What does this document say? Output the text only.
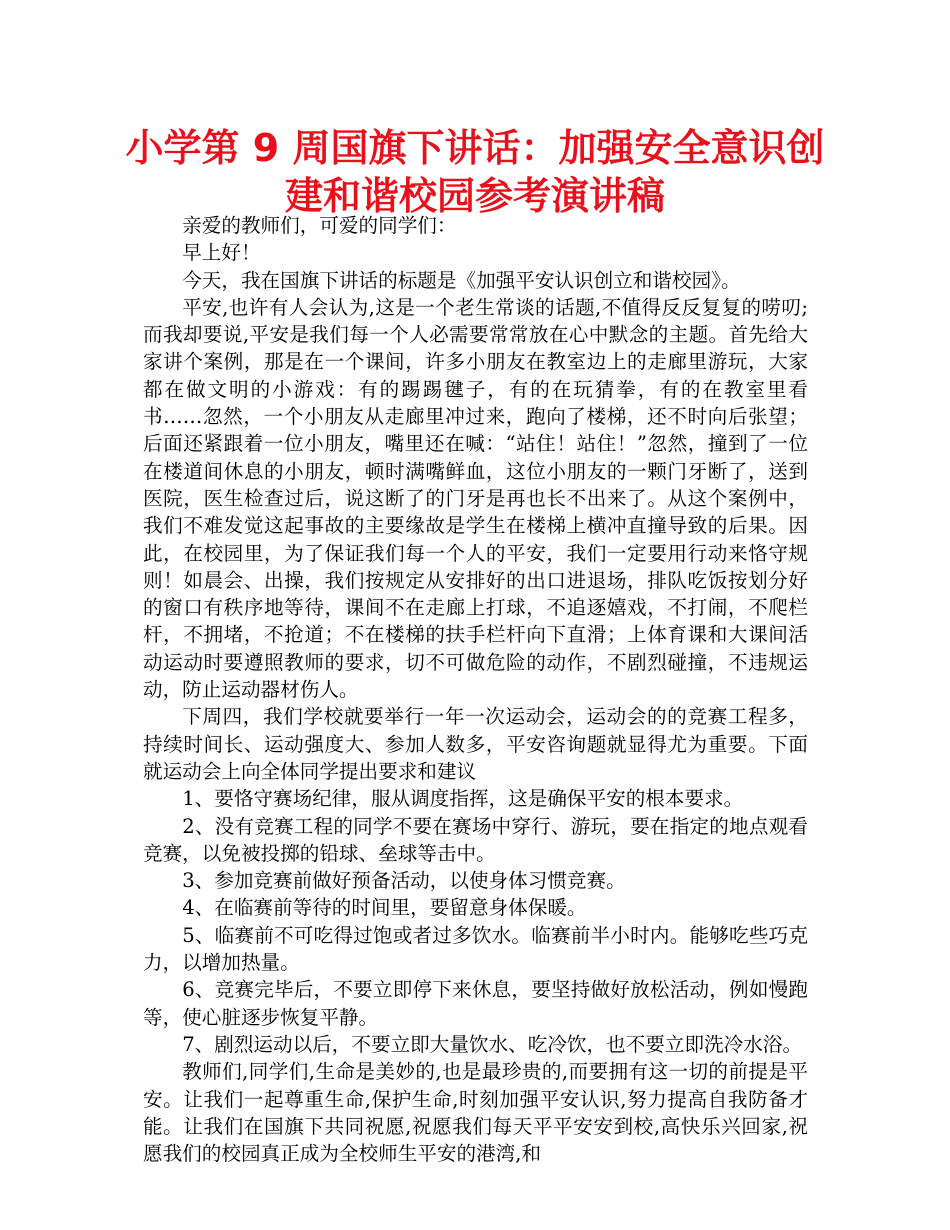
小学第 9 周国旗下讲话：加强安全意识创建和谐校园参考演讲稿

亲爱的教师们，可爱的同学们：

早上好！

今天，我在国旗下讲话的标题是《加强平安认识创立和谐校园》。

平安,也许有人会认为,这是一个老生常谈的话题,不值得反反复复的唠叨;而我却要说,平安是我们每一个人必需要常常放在心中默念的主题。首先给大家讲个案例，那是在一个课间，许多小朋友在教室边上的走廊里游玩，大家都在做文明的小游戏：有的踢踢毽子，有的在玩猜拳，有的在教室里看书……忽然，一个小朋友从走廊里冲过来，跑向了楼梯，还不时向后张望；后面还紧跟着一位小朋友，嘴里还在喊：“站住！站住！”忽然，撞到了一位在楼道间休息的小朋友，顿时满嘴鲜血，这位小朋友的一颗门牙断了，送到医院，医生检查过后，说这断了的门牙是再也长不出来了。从这个案例中，我们不难发觉这起事故的主要缘故是学生在楼梯上横冲直撞导致的后果。因此，在校园里，为了保证我们每一个人的平安，我们一定要用行动来恪守规则！如晨会、出操，我们按规定从安排好的出口进退场，排队吃饭按划分好的窗口有秩序地等待，课间不在走廊上打球，不追逐嬉戏，不打闹，不爬栏杆，不拥堵，不抢道；不在楼梯的扶手栏杆向下直滑；上体育课和大课间活动运动时要遵照教师的要求，切不可做危险的动作，不剧烈碰撞，不违规运动，防止运动器材伤人。

下周四，我们学校就要举行一年一次运动会，运动会的的竞赛工程多，持续时间长、运动强度大、参加人数多，平安咨询题就显得尤为重要。下面就运动会上向全体同学提出要求和建议

1、要恪守赛场纪律，服从调度指挥，这是确保平安的根本要求。

2、没有竞赛工程的同学不要在赛场中穿行、游玩，要在指定的地点观看竞赛，以免被投掷的铅球、垒球等击中。

3、参加竞赛前做好预备活动，以使身体习惯竞赛。

4、在临赛前等待的时间里，要留意身体保暖。

5、临赛前不可吃得过饱或者过多饮水。临赛前半小时内。能够吃些巧克力，以增加热量。

6、竞赛完毕后，不要立即停下来休息，要坚持做好放松活动，例如慢跑等，使心脏逐步恢复平静。

7、剧烈运动以后，不要立即大量饮水、吃冷饮，也不要立即洗冷水浴。

教师们,同学们,生命是美妙的,也是最珍贵的,而要拥有这一切的前提是平安。让我们一起尊重生命,保护生命,时刻加强平安认识,努力提高自我防备才能。让我们在国旗下共同祝愿,祝愿我们每天平平安安到校,高快乐兴回家,祝愿我们的校园真正成为全校师生平安的港湾,和
